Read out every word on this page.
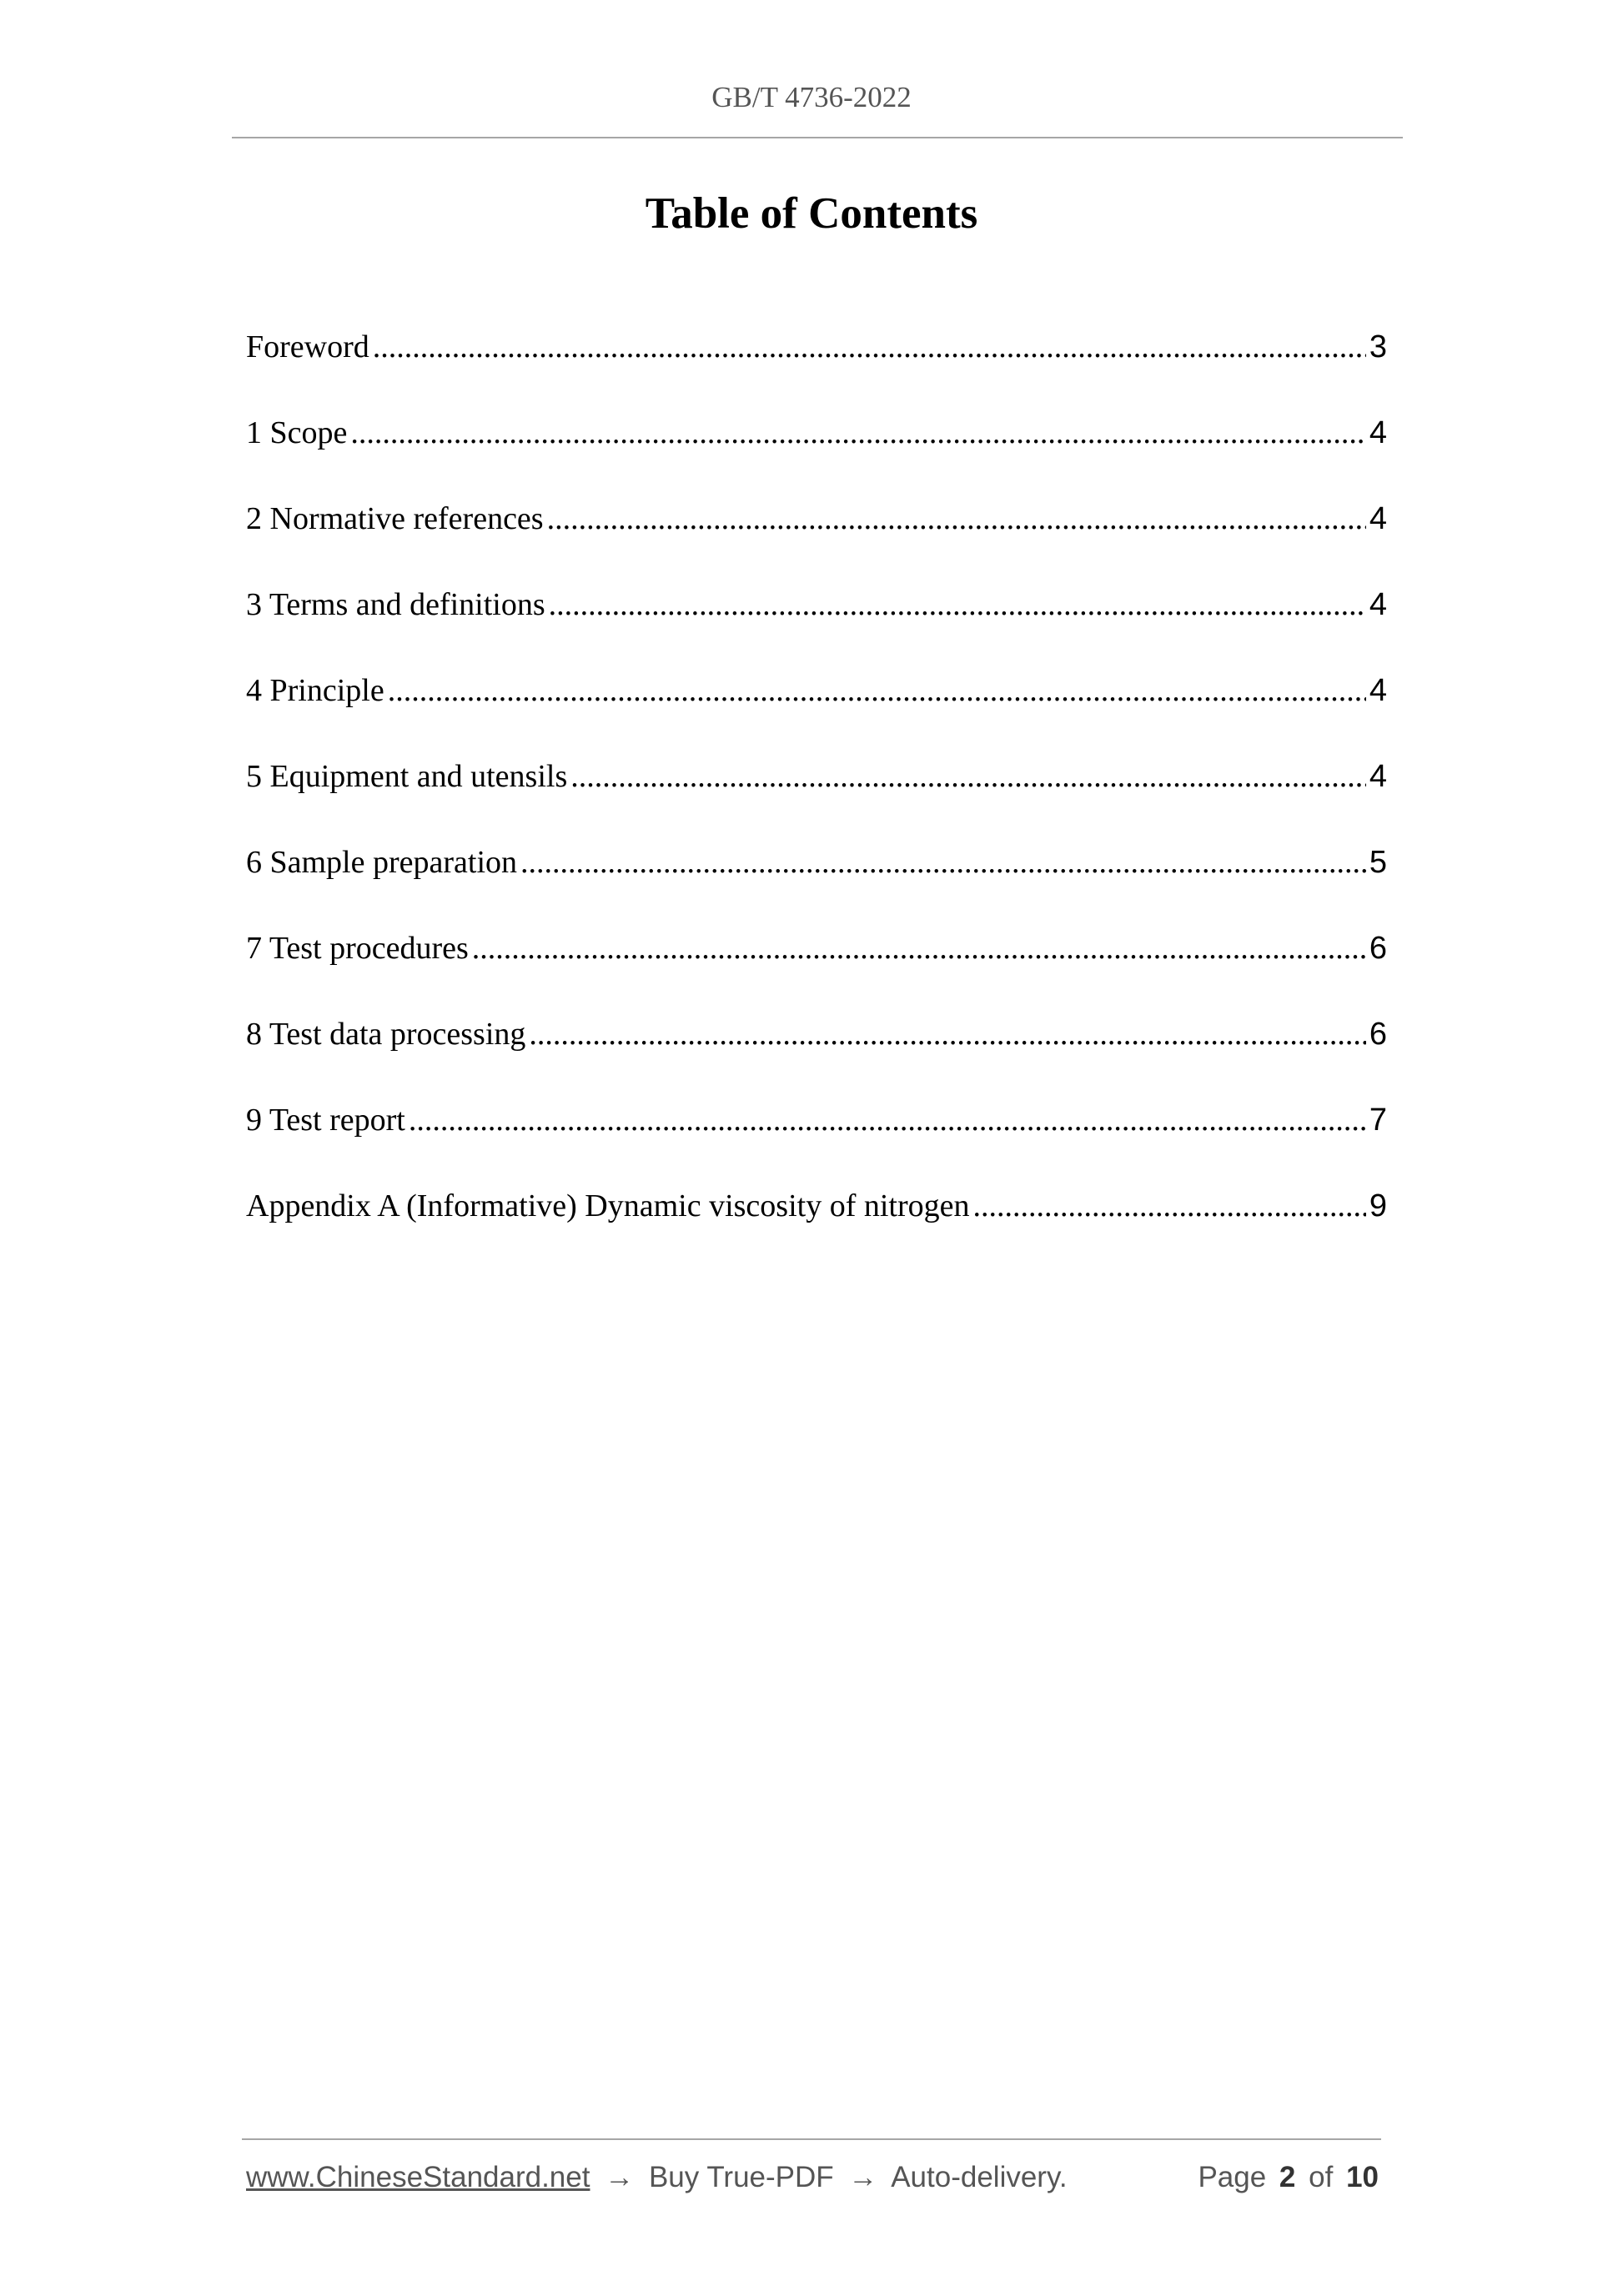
GB/T 4736-2022
Table of Contents
Foreword .....	3
1 Scope .....	4
2 Normative references .....	4
3 Terms and definitions .....	4
4 Principle .....	4
5 Equipment and utensils .....	4
6 Sample preparation .....	5
7 Test procedures .....	6
8 Test data processing .....	6
9 Test report .....	7
Appendix A (Informative) Dynamic viscosity of nitrogen .....	9
www.ChineseStandard.net → Buy True-PDF → Auto-delivery.	Page 2 of 10
